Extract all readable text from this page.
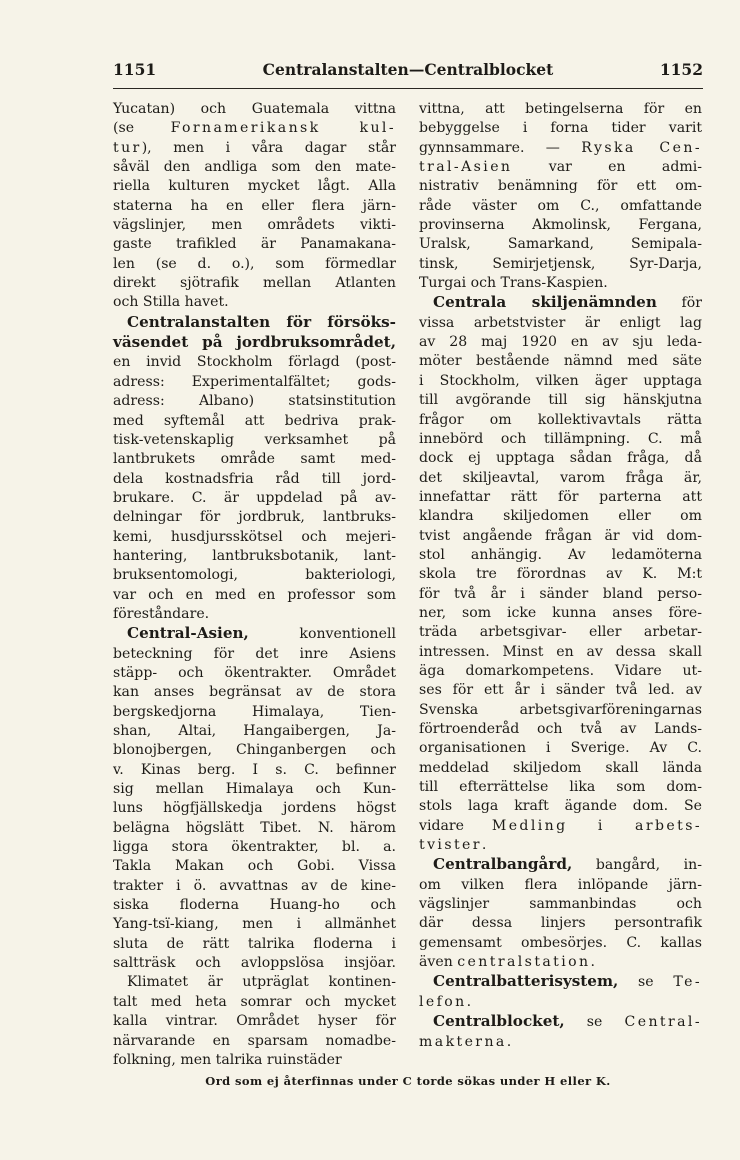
1151	Centralanstalten—Centralblocket	1152
Yucatan) och Guatemala vittna
(se Fornamerikansk kul-
tur), men i våra dagar står
såväl den andliga som den mate-
riella kulturen mycket lågt. Alla
staterna ha en eller flera järn-
vägslinjer, men områdets vikti-
gaste trafikled är Panamakana-
len (se d. o.), som förmedlar
direkt sjötrafik mellan Atlanten
och Stilla havet.
Centralanstalten för försöks-
väsendet på jordbruksområdet,
en invid Stockholm förlagd (post-
adress: Experimentalfältet; gods-
adress: Albano) statsinstitution
med syftemål att bedriva prak-
tisk-vetenskaplig verksamhet på
lantbrukets område samt med-
dela kostnadsfria råd till jord-
brukare. C. är uppdelad på av-
delningar för jordbruk, lantbruks-
kemi, husdjursskötsel och mejeri-
hantering, lantbruksbotanik, lant-
bruksentomologi, bakteriologi,
var och en med en professor som
föreståndare.
Central-Asien, konventionell
beteckning för det inre Asiens
stäpp- och ökentrakter. Området
kan anses begränsat av de stora
bergskedjorna Himalaya, Tien-
shan, Altai, Hangaibergen, Ja-
blonojbergen, Chinganbergen och
v. Kinas berg. I s. C. befinner
sig mellan Himalaya och Kun-
luns högfjällskedja jordens högst
belägna högslätt Tibet. N. härom
ligga stora ökentrakter, bl. a.
Takla Makan och Gobi. Vissa
trakter i ö. avvattnas av de kine-
siska floderna Huang-ho och
Yang-tsï-kiang, men i allmänhet
sluta de rätt talrika floderna i
saltträsk och avloppslösa insjöar.
Klimatet är utpräglat kontinen-
talt med heta somrar och mycket
kalla vintrar. Området hyser för
närvarande en sparsam nomadbe-
folkning, men talrika ruinstäder
vittna, att betingelserna för en
bebyggelse i forna tider varit
gynnsammare. — Ryska Cen-
tral-Asien var en admi-
nistrativ benämning för ett om-
råde väster om C., omfattande
provinserna Akmolinsk, Fergana,
Uralsk, Samarkand, Semipala-
tinsk, Semirjetjensk, Syr-Darja,
Turgai och Trans-Kaspien.
Centrala skiljenämnden för
vissa arbetstvister är enligt lag
av 28 maj 1920 en av sju leda-
möter bestående nämnd med säte
i Stockholm, vilken äger upptaga
till avgörande till sig hänskjutna
frågor om kollektivavtals rätta
innebörd och tillämpning. C. må
dock ej upptaga sådan fråga, då
det skiljeavtal, varom fråga är,
innefattar rätt för parterna att
klandra skiljedomen eller om
tvist angående frågan är vid dom-
stol anhängig. Av ledamöterna
skola tre förordnas av K. M:t
för två år i sänder bland perso-
ner, som icke kunna anses före-
träda arbetsgivar- eller arbetar-
intressen. Minst en av dessa skall
äga domarkompetens. Vidare ut-
ses för ett år i sänder två led. av
Svenska arbetsgivarföreningarnas
förtroenderåd och två av Lands-
organisationen i Sverige. Av C.
meddelad skiljedom skall lända
till efterrättelse lika som dom-
stols laga kraft ägande dom. Se
vidare Medling i arbets-
tvister.
Centralbangård, bangård, in-
om vilken flera inlöpande järn-
vägslinjer sammanbindas och
där dessa linjers persontrafik
gemensamt ombesörjes. C. kallas
även centralstation.
Centralbatterisystem, se Te-
lefon.
Centralblocket, se Central-
makterna.
Ord som ej återfinnas under C torde sökas under H eller K.
